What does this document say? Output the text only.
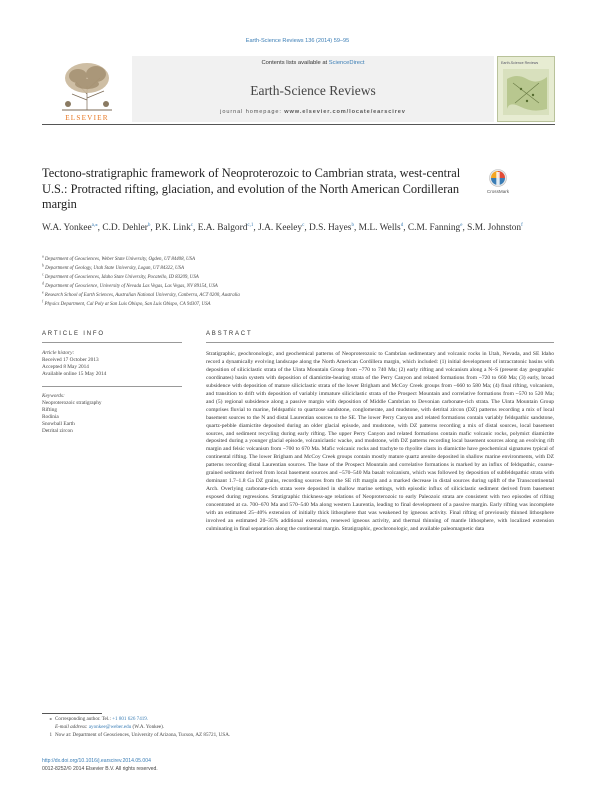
Earth-Science Reviews 136 (2014) 59–95
ELSEVIER
Contents lists available at ScienceDirect
Earth-Science Reviews
journal homepage: www.elsevier.com/locate/earscirev
Earth-Science Reviews
Tectono-stratigraphic framework of Neoproterozoic to Cambrian strata, west-central U.S.: Protracted rifting, glaciation, and evolution of the North American Cordilleran margin
CrossMark
W.A. Yonkee$^{a,⁎}$, C.D. Dehler$^b$, P.K. Link$^c$, E.A. Balgord$^{c,1}$, J.A. Keeley$^c$, D.S. Hayes$^b$, M.L. Wells$^d$, C.M. Fanning$^e$, S.M. Johnston$^f$
$^a$ Department of Geosciences, Weber State University, Ogden, UT 84408, USA
$^b$ Department of Geology, Utah State University, Logan, UT 84322, USA
$^c$ Department of Geosciences, Idaho State University, Pocatello, ID 83209, USA
$^d$ Department of Geoscience, University of Nevada Las Vegas, Las Vegas, NV 89154, USA
$^e$ Research School of Earth Sciences, Australian National University, Canberra, ACT 0200, Australia
$^f$ Physics Department, Cal Poly at San Luis Obispo, San Luis Obispo, CA 94307, USA
ARTICLE INFO	ABSTRACT
Article history:
Received 17 October 2013
Accepted 8 May 2014
Available online 15 May 2014
Keywords:
Neoproterozoic stratigraphy
Rifting
Rodinia
Snowball Earth
Detrital zircon
Stratigraphic, geochronologic, and geochemical patterns of Neoproterozoic to Cambrian sedimentary and volcanic rocks in Utah, Nevada, and SE Idaho record a dynamically evolving landscape along the North American Cordillera margin, which included: (1) initial development of intracratonic basins with deposition of siliciclastic strata of the Uinta Mountain Group from ~770 to 740 Ma; (2) early rifting and volcanism along a N–S (present day geographic coordinates) basin system with deposition of diamictite-bearing strata of the Perry Canyon and related formations from ~720 to 660 Ma; (3) early, broad subsidence with deposition of mature siliciclastic strata of the lower Brigham and McCoy Creek groups from ~660 to 580 Ma; (4) final rifting, volcanism, and transition to drift with deposition of variably immature siliciclastic strata of the Prospect Mountain and correlative formations from ~570 to 520 Ma; and (5) regional subsidence along a passive margin with deposition of Middle Cambrian to Devonian carbonate-rich strata. The Uinta Mountain Group comprises fluvial to marine, feldspathic to quartzose sandstone, conglomerate, and mudstone, with detrital zircon (DZ) patterns recording a mix of local basement sources to the N and distal Laurentian sources to the SE. The lower Perry Canyon and related formations contain variably feldspathic sandstone, quartz-pebble diamictite deposited during an older glacial episode, and mudstone, with DZ patterns recording a mix of distal sources, local basement sources, and sediment recycling during early rifting. The upper Perry Canyon and related formations contain mafic volcanic rocks, polymict diamictite deposited during a younger glacial episode, volcaniclastic wacke, and mudstone, with DZ patterns recording local basement sources along an evolving rift margin and felsic volcanism from ~700 to 670 Ma. Mafic volcanic rocks and trachyte to rhyolite clasts in diamictite have geochemical signatures typical of continental rifting. The lower Brigham and McCoy Creek groups contain mostly mature quartz arenite deposited in shallow marine environments, with DZ patterns recording distal Laurentian sources. The base of the Prospect Mountain and correlative formations is marked by an influx of feldspathic, coarse-grained sediment derived from local basement sources and ~570–540 Ma basalt volcanism, which was followed by deposition of subfeldspathic strata with dominant 1.7–1.8 Ga DZ grains, recording sources from the SE rift margin and a marked decrease in distal sources during uplift of the Transcontinental Arch. Overlying carbonate-rich strata were deposited in shallow marine settings, with episodic influx of siliciclastic sediment derived from basement exposed during regressions. Stratigraphic thickness-age relations of Neoproterozoic to early Paleozoic strata are consistent with two episodes of rifting concentrated at ca. 700–670 Ma and 570–540 Ma along western Laurentia, leading to final development of a passive margin. Early rifting was incomplete with an estimated 25–40% extension of initially thick lithosphere that was weakened by igneous activity. Final rifting of previously thinned lithosphere involved an estimated 20–35% additional extension, renewed igneous activity, and thermal thinning of mantle lithosphere, with localized extension culminating in final separation along the continental margin. Stratigraphic, geochronologic, and available paleomagnetic data
⁎ Corresponding author. Tel.: +1 801 626 7419.
E-mail address: ayonkee@weber.edu (W.A. Yonkee).
1 Now at: Department of Geosciences, University of Arizona, Tucson, AZ 85721, USA.
http://dx.doi.org/10.1016/j.earscirev.2014.05.004
0012-8252/© 2014 Elsevier B.V. All rights reserved.
